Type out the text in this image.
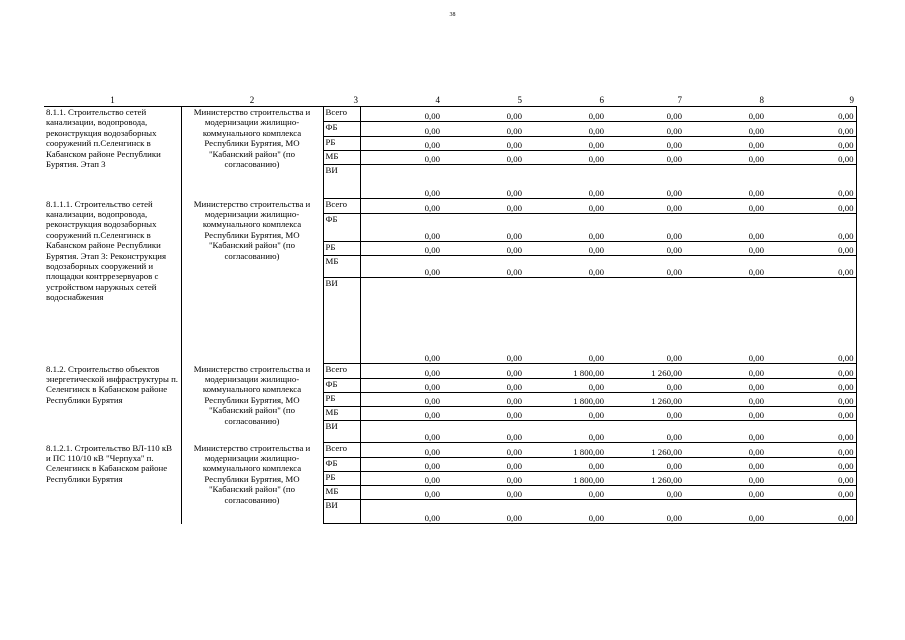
38
1	2	3	4	5	6	7	8	9
8.1.1. Строительство сетей канализации, водопровода, реконструкция водозаборных сооружений п.Селенгинск в Кабанском районе Республики Бурятия. Этап 3	Министерство строительства и модернизации жилищно-коммунального комплекса Республики Бурятия, МО "Кабанский район" (по согласованию)	Всего	0,00	0,00	0,00	0,00	0,00	0,00
		ФБ	0,00	0,00	0,00	0,00	0,00	0,00
		РБ	0,00	0,00	0,00	0,00	0,00	0,00
		МБ	0,00	0,00	0,00	0,00	0,00	0,00
		ВИ	0,00	0,00	0,00	0,00	0,00	0,00
8.1.1.1. Строительство сетей канализации, водопровода, реконструкция водозаборных сооружений п.Селенгинск в Кабанском районе Республики Бурятия. Этап 3: Реконструкция водозаборных сооружений и площадки контррезервуаров с устройством наружных сетей водоснабжения	Министерство строительства и модернизации жилищно-коммунального комплекса Республики Бурятия, МО "Кабанский район" (по согласованию)	Всего	0,00	0,00	0,00	0,00	0,00	0,00
		ФБ	0,00	0,00	0,00	0,00	0,00	0,00
		РБ	0,00	0,00	0,00	0,00	0,00	0,00
		МБ	0,00	0,00	0,00	0,00	0,00	0,00
		ВИ	0,00	0,00	0,00	0,00	0,00	0,00
8.1.2. Строительство объектов энергетической инфраструктуры п. Селенгинск в Кабанском районе Республики Бурятия	Министерство строительства и модернизации жилищно-коммунального комплекса Республики Бурятия, МО "Кабанский район" (по согласованию)	Всего	0,00	0,00	1 800,00	1 260,00	0,00	0,00
		ФБ	0,00	0,00	0,00	0,00	0,00	0,00
		РБ	0,00	0,00	1 800,00	1 260,00	0,00	0,00
		МБ	0,00	0,00	0,00	0,00	0,00	0,00
		ВИ	0,00	0,00	0,00	0,00	0,00	0,00
8.1.2.1. Строительство ВЛ-110 кВ и ПС 110/10 кВ "Черпуха" п. Селенгинск в Кабанском районе Республики Бурятия	Министерство строительства и модернизации жилищно-коммунального комплекса Республики Бурятия, МО "Кабанский район" (по согласованию)	Всего	0,00	0,00	1 800,00	1 260,00	0,00	0,00
		ФБ	0,00	0,00	0,00	0,00	0,00	0,00
		РБ	0,00	0,00	1 800,00	1 260,00	0,00	0,00
		МБ	0,00	0,00	0,00	0,00	0,00	0,00
		ВИ	0,00	0,00	0,00	0,00	0,00	0,00
